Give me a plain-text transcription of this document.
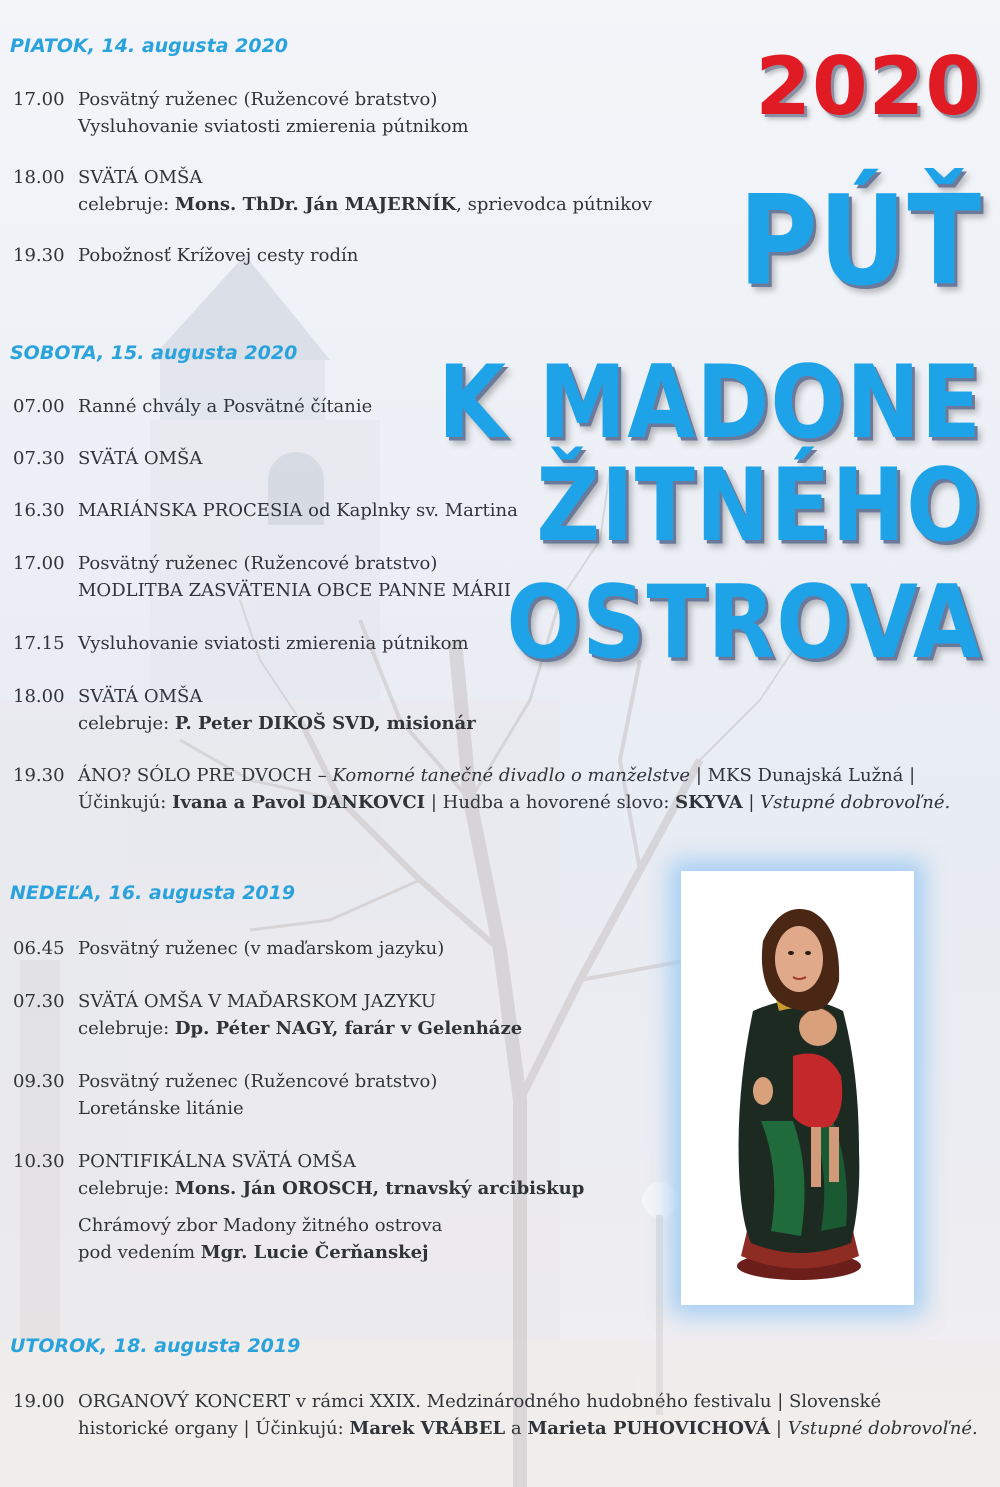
2020
PÚŤ
K MADONE
ŽITNÉHO
OSTROVA
PIATOK, 14. augusta 2020
SOBOTA, 15. augusta 2020
NEDEĽA, 16. augusta 2019
UTOROK, 18. augusta 2019
17.00 Posvätný ruženec (Ružencové bratstvo)
Vysluhovanie sviatosti zmierenia pútnikom
18.00 SVÄTÁ OMŠA
celebruje: Mons. ThDr. Ján MAJERNÍK, sprievodca pútnikov
19.30 Pobožnosť Krížovej cesty rodín
07.00 Ranné chvály a Posvätné čítanie
07.30 SVÄTÁ OMŠA
16.30 MARIÁNSKA PROCESIA od Kaplnky sv. Martina
17.00 Posvätný ruženec (Ružencové bratstvo)
MODLITBA ZASVÄTENIA OBCE PANNE MÁRII
17.15 Vysluhovanie sviatosti zmierenia pútnikom
18.00 SVÄTÁ OMŠA
celebruje: P. Peter DIKOŠ SVD, misionár
19.30 ÁNO? SÓLO PRE DVOCH – Komorné tanečné divadlo o manželstve | MKS Dunajská Lužná |
Účinkujú: Ivana a Pavol DANKOVCI | Hudba a hovorené slovo: SKYVA | Vstupné dobrovoľné.
06.45 Posvätný ruženec (v maďarskom jazyku)
07.30 SVÄTÁ OMŠA V MAĎARSKOM JAZYKU
celebruje: Dp. Péter NAGY, farár v Gelenháze
09.30 Posvätný ruženec (Ružencové bratstvo)
Loretánske litánie
10.30 PONTIFIKÁLNA SVÄTÁ OMŠA
celebruje: Mons. Ján OROSCH, trnavský arcibiskup
Chrámový zbor Madony žitného ostrova
pod vedením Mgr. Lucie Čerňanskej
19.00 ORGANOVÝ KONCERT v rámci XXIX. Medzinárodného hudobného festivalu | Slovenské
historické organy | Účinkujú: Marek VRÁBEL a Marieta PUHOVICHOVÁ | Vstupné dobrovoľné.
